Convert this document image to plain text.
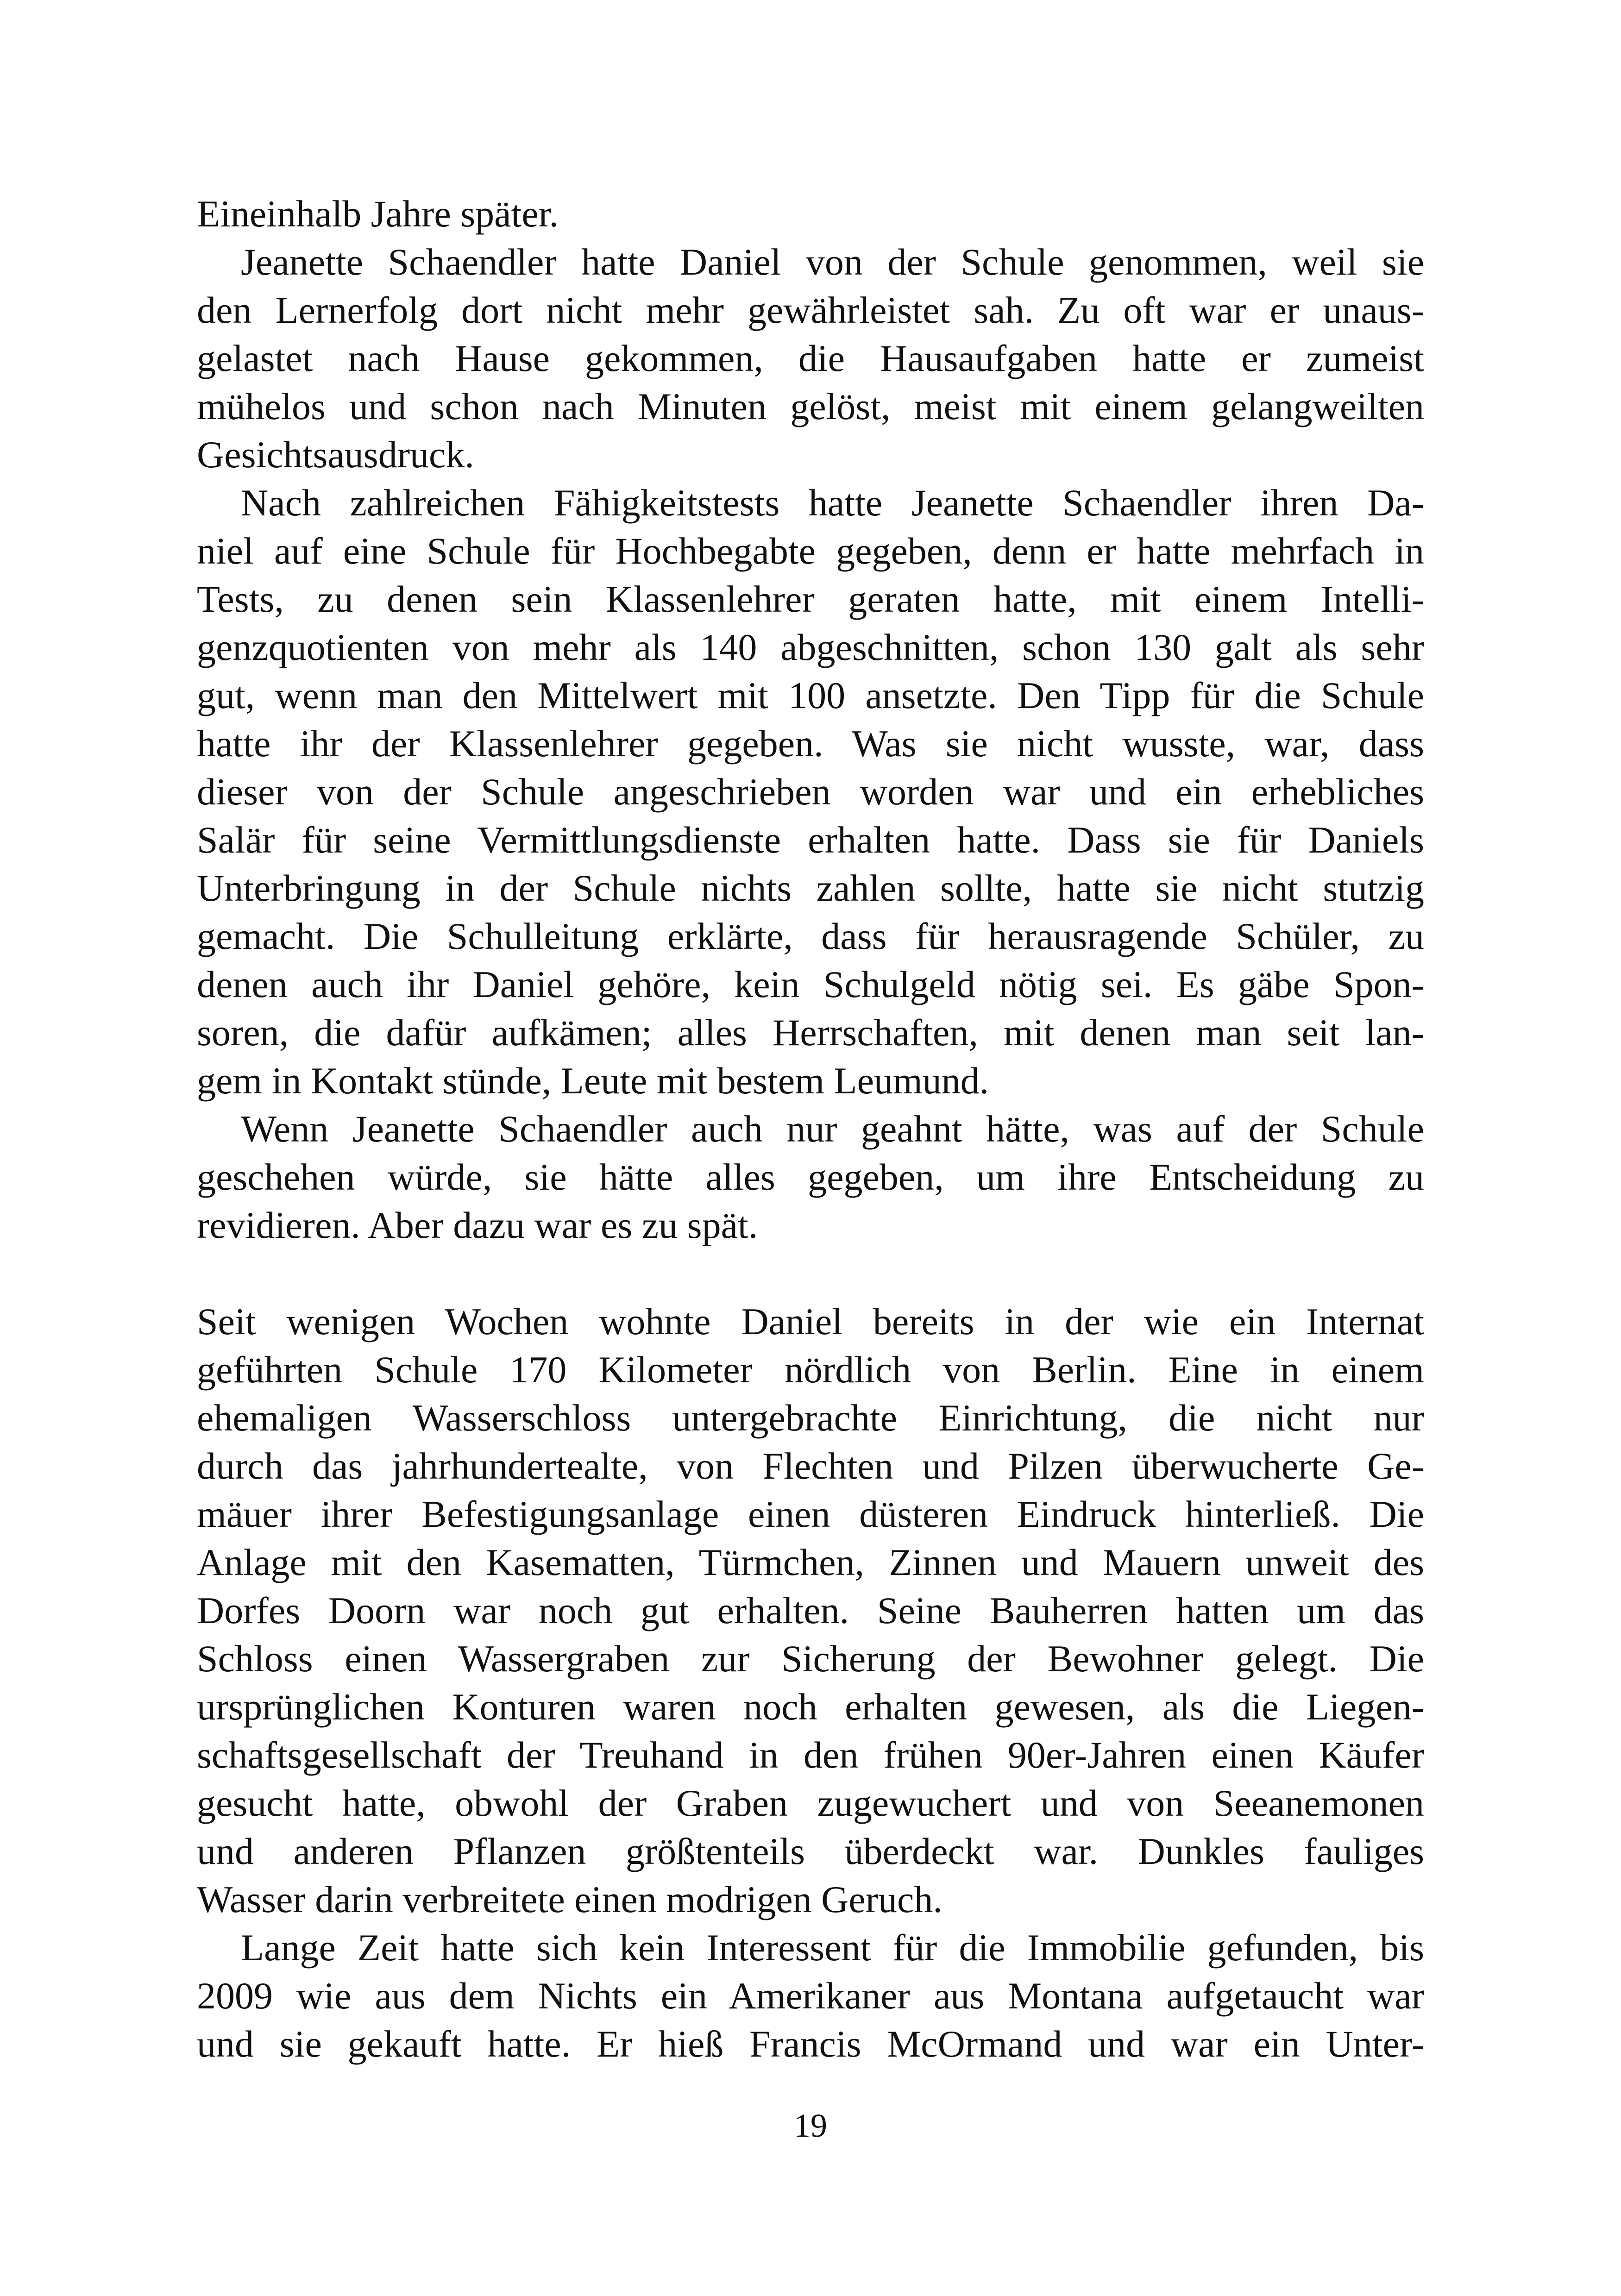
Eineinhalb Jahre später.
Jeanette Schaendler hatte Daniel von der Schule genommen, weil sie
den Lernerfolg dort nicht mehr gewährleistet sah. Zu oft war er unaus-
gelastet nach Hause gekommen, die Hausaufgaben hatte er zumeist
mühelos und schon nach Minuten gelöst, meist mit einem gelangweilten
Gesichtsausdruck.
Nach zahlreichen Fähigkeitstests hatte Jeanette Schaendler ihren Da-
niel auf eine Schule für Hochbegabte gegeben, denn er hatte mehrfach in
Tests, zu denen sein Klassenlehrer geraten hatte, mit einem Intelli-
genzquotienten von mehr als 140 abgeschnitten, schon 130 galt als sehr
gut, wenn man den Mittelwert mit 100 ansetzte. Den Tipp für die Schule
hatte ihr der Klassenlehrer gegeben. Was sie nicht wusste, war, dass
dieser von der Schule angeschrieben worden war und ein erhebliches
Salär für seine Vermittlungsdienste erhalten hatte. Dass sie für Daniels
Unterbringung in der Schule nichts zahlen sollte, hatte sie nicht stutzig
gemacht. Die Schulleitung erklärte, dass für herausragende Schüler, zu
denen auch ihr Daniel gehöre, kein Schulgeld nötig sei. Es gäbe Spon-
soren, die dafür aufkämen; alles Herrschaften, mit denen man seit lan-
gem in Kontakt stünde, Leute mit bestem Leumund.
Wenn Jeanette Schaendler auch nur geahnt hätte, was auf der Schule
geschehen würde, sie hätte alles gegeben, um ihre Entscheidung zu
revidieren. Aber dazu war es zu spät.
Seit wenigen Wochen wohnte Daniel bereits in der wie ein Internat
geführten Schule 170 Kilometer nördlich von Berlin. Eine in einem
ehemaligen Wasserschloss untergebrachte Einrichtung, die nicht nur
durch das jahrhundertealte, von Flechten und Pilzen überwucherte Ge-
mäuer ihrer Befestigungsanlage einen düsteren Eindruck hinterließ. Die
Anlage mit den Kasematten, Türmchen, Zinnen und Mauern unweit des
Dorfes Doorn war noch gut erhalten. Seine Bauherren hatten um das
Schloss einen Wassergraben zur Sicherung der Bewohner gelegt. Die
ursprünglichen Konturen waren noch erhalten gewesen, als die Liegen-
schaftsgesellschaft der Treuhand in den frühen 90er-Jahren einen Käufer
gesucht hatte, obwohl der Graben zugewuchert und von Seeanemonen
und anderen Pflanzen größtenteils überdeckt war. Dunkles fauliges
Wasser darin verbreitete einen modrigen Geruch.
Lange Zeit hatte sich kein Interessent für die Immobilie gefunden, bis
2009 wie aus dem Nichts ein Amerikaner aus Montana aufgetaucht war
und sie gekauft hatte. Er hieß Francis McOrmand und war ein Unter-
19
